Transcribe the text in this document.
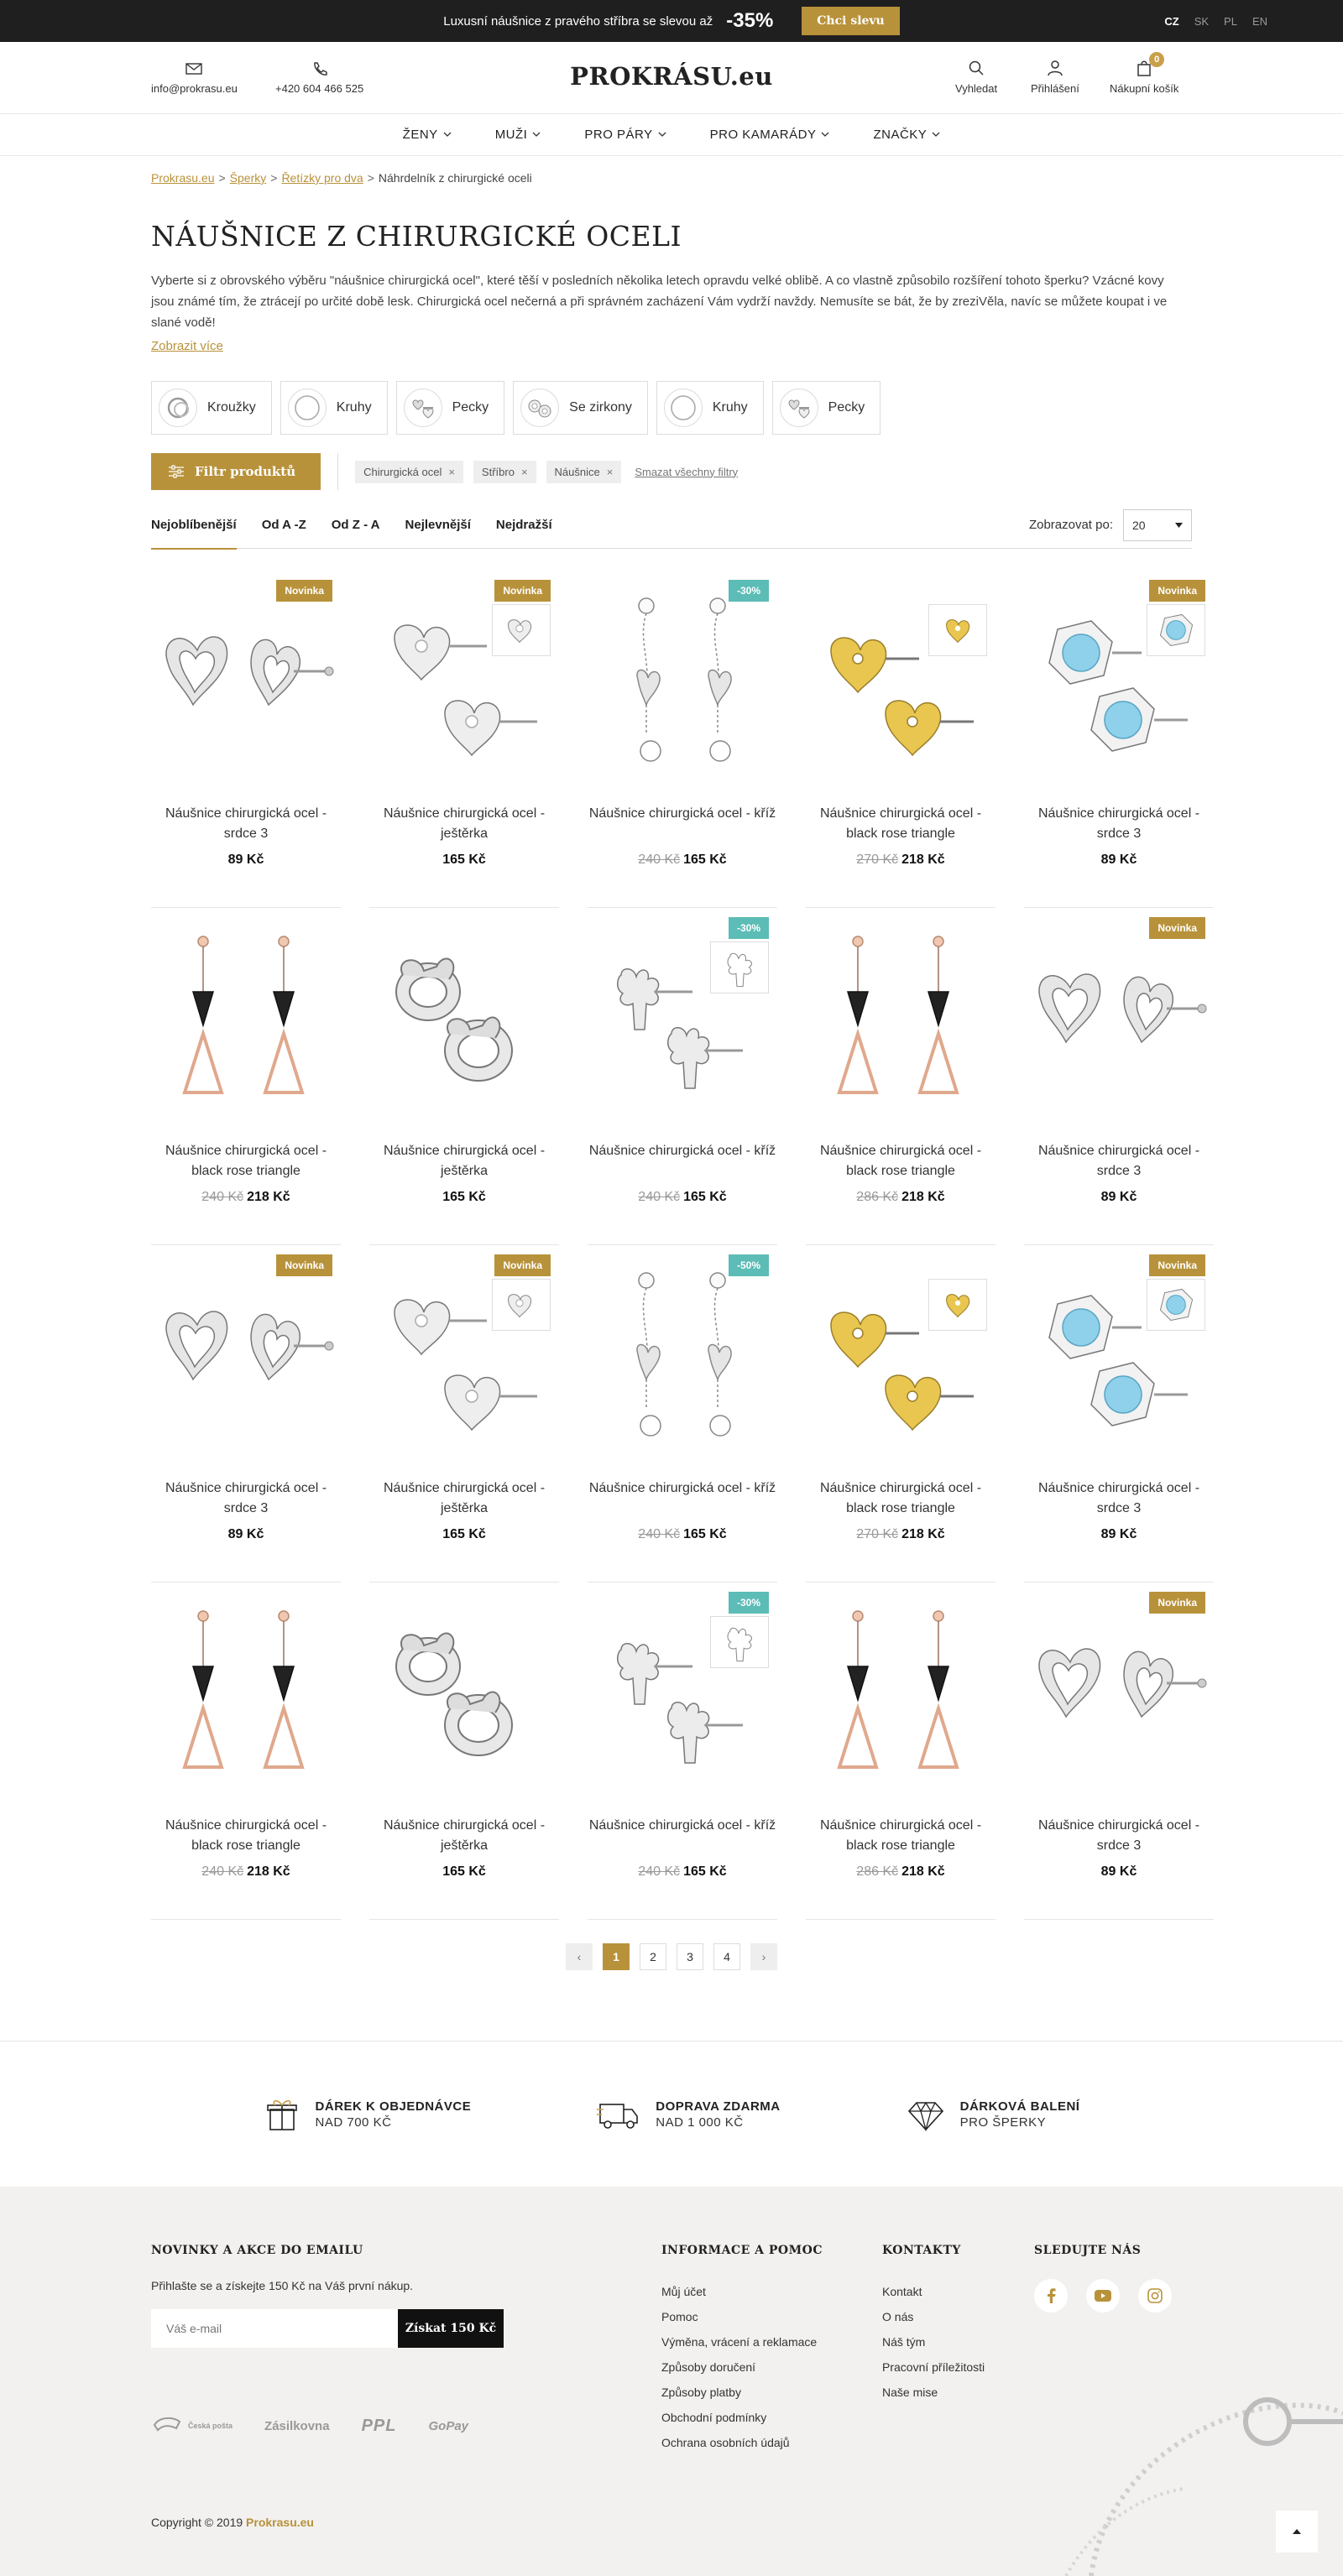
Luxusní náušnice z pravého stříbra se slevou až -35%	Chci slevu	CZ SK PL EN
info@prokrasu.eu	+420 604 466 525	PROKRÁSU.eu	Vyhledat	Přihlášení
0
Nákupní košík
ŽENY	MUŽI	PRO PÁRY	PRO KAMARÁDY	ZNAČKY
Prokrasu.eu > Šperky > Řetízky pro dva > Náhrdelník z chirurgické oceli
NÁUŠNICE Z CHIRURGICKÉ OCELI

Vyberte si z obrovského výběru "náušnice chirurgická ocel", které těší v posledních několika letech opravdu velké oblibě. A co vlastně způsobilo rozšíření tohoto šperku? Vzácné kovy jsou známé tím, že ztrácejí po určité době lesk. Chirurgická ocel nečerná a při správném zacházení Vám vydrží navždy. Nemusíte se bát, že by zreziVěla, navíc se můžete koupat i ve slané vodě!

Zobrazit více
Kroužky	Kruhy	Pecky	Se zirkony	Kruhy	Pecky
Filtr produktů	Chirurgická ocel × Stříbro × Náušnice × Smazat všechny filtry
Nejoblíbenější Od A -Z Od Z - A Nejlevnější Nejdražší	Zobrazovat po: 20
Novinka
Náušnice chirurgická ocel - srdce 3
89 Kč
Novinka
Náušnice chirurgická ocel - ještěrka
165 Kč
-30%
Náušnice chirurgická ocel - kříž
240 Kč 165 Kč
Náušnice chirurgická ocel - black rose triangle
270 Kč 218 Kč
Novinka
Náušnice chirurgická ocel - srdce 3
89 Kč
Náušnice chirurgická ocel - black rose triangle
240 Kč 218 Kč
Náušnice chirurgická ocel - ještěrka
165 Kč
-30%
Náušnice chirurgická ocel - kříž
240 Kč 165 Kč
Náušnice chirurgická ocel - black rose triangle
286 Kč 218 Kč
Novinka
Náušnice chirurgická ocel - srdce 3
89 Kč
Novinka
Náušnice chirurgická ocel - srdce 3
89 Kč
Novinka
Náušnice chirurgická ocel - ještěrka
165 Kč
-50%
Náušnice chirurgická ocel - kříž
240 Kč 165 Kč
Náušnice chirurgická ocel - black rose triangle
270 Kč 218 Kč
Novinka
Náušnice chirurgická ocel - srdce 3
89 Kč
Náušnice chirurgická ocel - black rose triangle
240 Kč 218 Kč
Náušnice chirurgická ocel - ještěrka
165 Kč
-30%
Náušnice chirurgická ocel - kříž
240 Kč 165 Kč
Náušnice chirurgická ocel - black rose triangle
286 Kč 218 Kč
Novinka
Náušnice chirurgická ocel - srdce 3
89 Kč
‹	1	2	3	4	›
DÁREK K OBJEDNÁVCE
NAD 700 KČ
DOPRAVA ZDARMA
NAD 1 000 KČ
DÁRKOVÁ BALENÍ
PRO ŠPERKY
NOVINKY A AKCE DO EMAILU
Přihlašte se a získejte 150 Kč na Váš první nákup.
Váš e-mail
Získat 150 Kč
INFORMACE A POMOC
Můj účet
Pomoc
Výměna, vrácení a reklamace
Způsoby doručení
Způsoby platby
Obchodní podmínky
Ochrana osobních údajů
KONTAKTY
Kontakt
O nás
Náš tým
Pracovní příležitosti
Naše mise
SLEDUJTE NÁS
Česká pošta	Zásilkovna PPL	GoPay
Copyright © 2019 Prokrasu.eu
